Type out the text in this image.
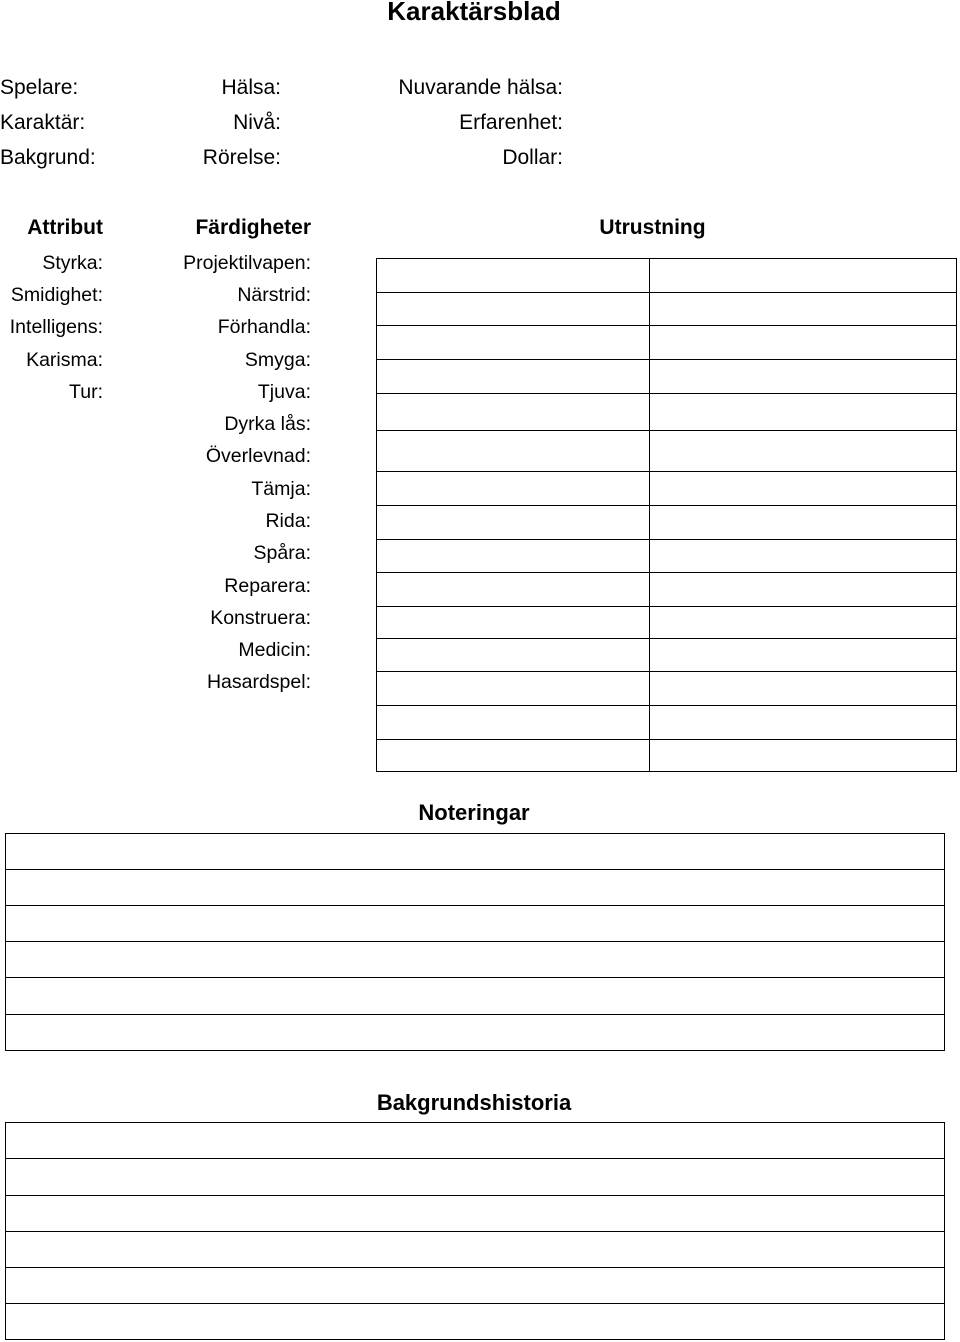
Karaktärsblad
Spelare:	Hälsa:	Nuvarande hälsa:
Karaktär:	Nivå:	Erfarenhet:
Bakgrund:	Rörelse:	Dollar:
Attribut
Styrka:
Smidighet:
Intelligens:
Karisma:
Tur:
Färdigheter
Projektilvapen:
Närstrid:
Förhandla:
Smyga:
Tjuva:
Dyrka lås:
Överlevnad:
Tämja:
Rida:
Spåra:
Reparera:
Konstruera:
Medicin:
Hasardspel:
Utrustning
Noteringar
Bakgrundshistoria
